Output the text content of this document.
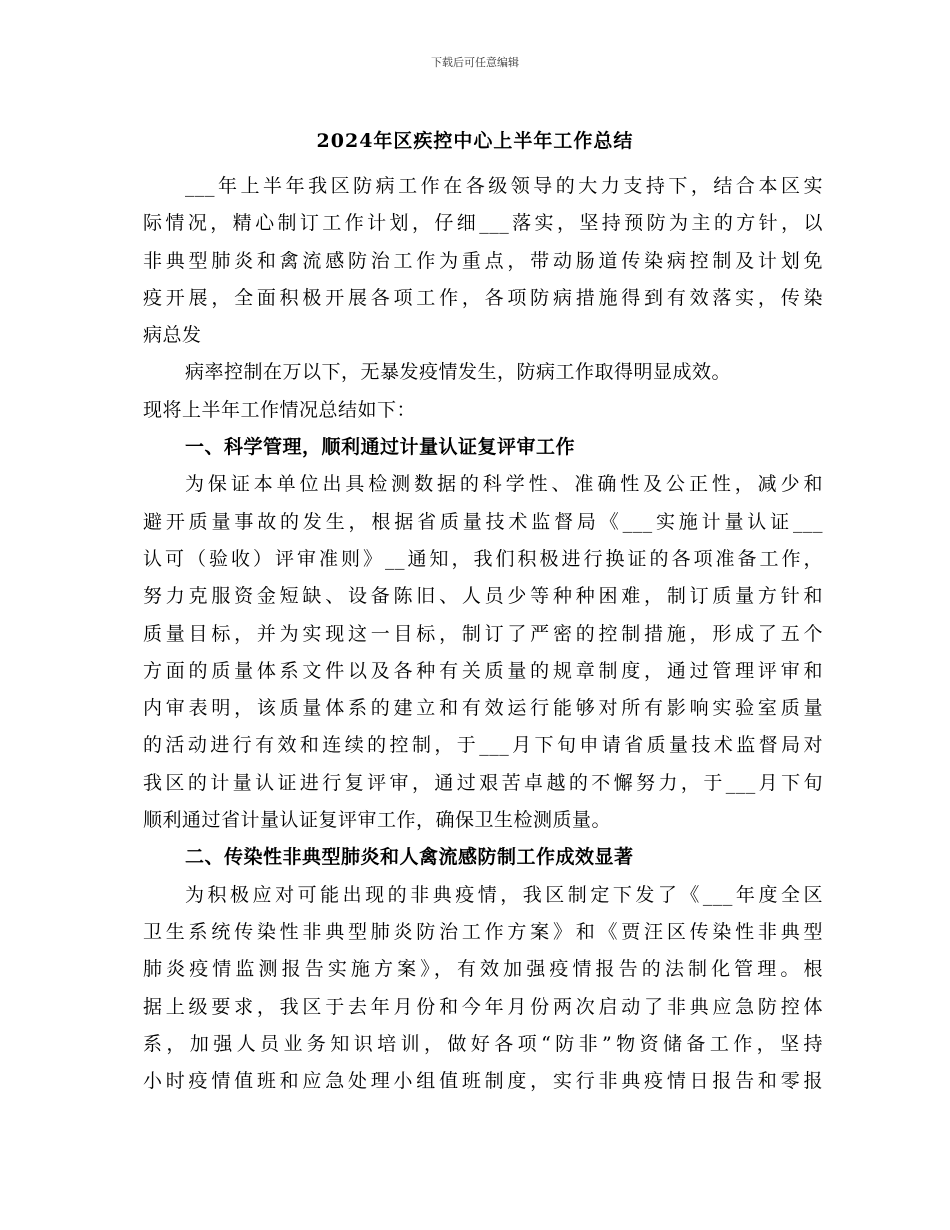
下载后可任意编辑
2024年区疾控中心上半年工作总结
___年上半年我区防病工作在各级领导的大力支持下，结合本区实
际情况，精心制订工作计划，仔细___落实，坚持预防为主的方针，以
非典型肺炎和禽流感防治工作为重点，带动肠道传染病控制及计划免
疫开展，全面积极开展各项工作，各项防病措施得到有效落实，传染
病总发
病率控制在万以下，无暴发疫情发生，防病工作取得明显成效。
现将上半年工作情况总结如下：
一、科学管理，顺利通过计量认证复评审工作
为保证本单位出具检测数据的科学性、准确性及公正性，减少和
避开质量事故的发生，根据省质量技术监督局《___实施计量认证___
认可（验收）评审准则》__通知，我们积极进行换证的各项准备工作，
努力克服资金短缺、设备陈旧、人员少等种种困难，制订质量方针和
质量目标，并为实现这一目标，制订了严密的控制措施，形成了五个
方面的质量体系文件以及各种有关质量的规章制度，通过管理评审和
内审表明，该质量体系的建立和有效运行能够对所有影响实验室质量
的活动进行有效和连续的控制，于___月下旬申请省质量技术监督局对
我区的计量认证进行复评审，通过艰苦卓越的不懈努力，于___月下旬
顺利通过省计量认证复评审工作，确保卫生检测质量。
二、传染性非典型肺炎和人禽流感防制工作成效显著
为积极应对可能出现的非典疫情，我区制定下发了《___年度全区
卫生系统传染性非典型肺炎防治工作方案》和《贾汪区传染性非典型
肺炎疫情监测报告实施方案》，有效加强疫情报告的法制化管理。根
据上级要求，我区于去年月份和今年月份两次启动了非典应急防控体
系，加强人员业务知识培训，做好各项“防非”物资储备工作，坚持
小时疫情值班和应急处理小组值班制度，实行非典疫情日报告和零报
